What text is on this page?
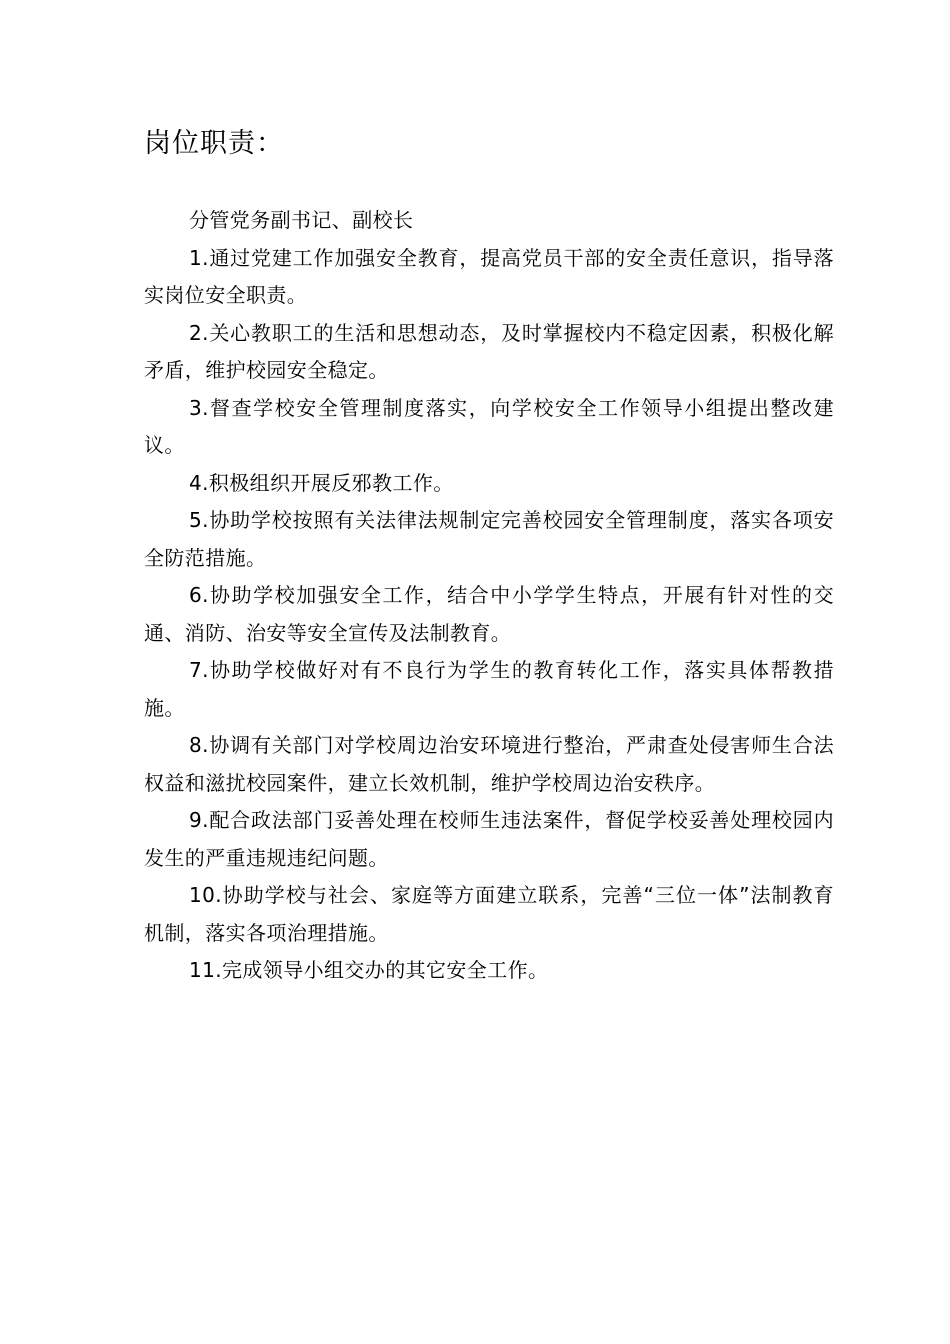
岗位职责：

分管党务副书记、副校长

1.通过党建工作加强安全教育，提高党员干部的安全责任意识，指导落实岗位安全职责。

2.关心教职工的生活和思想动态，及时掌握校内不稳定因素，积极化解矛盾，维护校园安全稳定。

3.督查学校安全管理制度落实，向学校安全工作领导小组提出整改建议。

4.积极组织开展反邪教工作。

5.协助学校按照有关法律法规制定完善校园安全管理制度，落实各项安全防范措施。

6.协助学校加强安全工作，结合中小学学生特点，开展有针对性的交通、消防、治安等安全宣传及法制教育。

7.协助学校做好对有不良行为学生的教育转化工作，落实具体帮教措施。

8.协调有关部门对学校周边治安环境进行整治，严肃查处侵害师生合法权益和滋扰校园案件，建立长效机制，维护学校周边治安秩序。

9.配合政法部门妥善处理在校师生违法案件，督促学校妥善处理校园内发生的严重违规违纪问题。

10.协助学校与社会、家庭等方面建立联系，完善“三位一体”法制教育机制，落实各项治理措施。

11.完成领导小组交办的其它安全工作。
